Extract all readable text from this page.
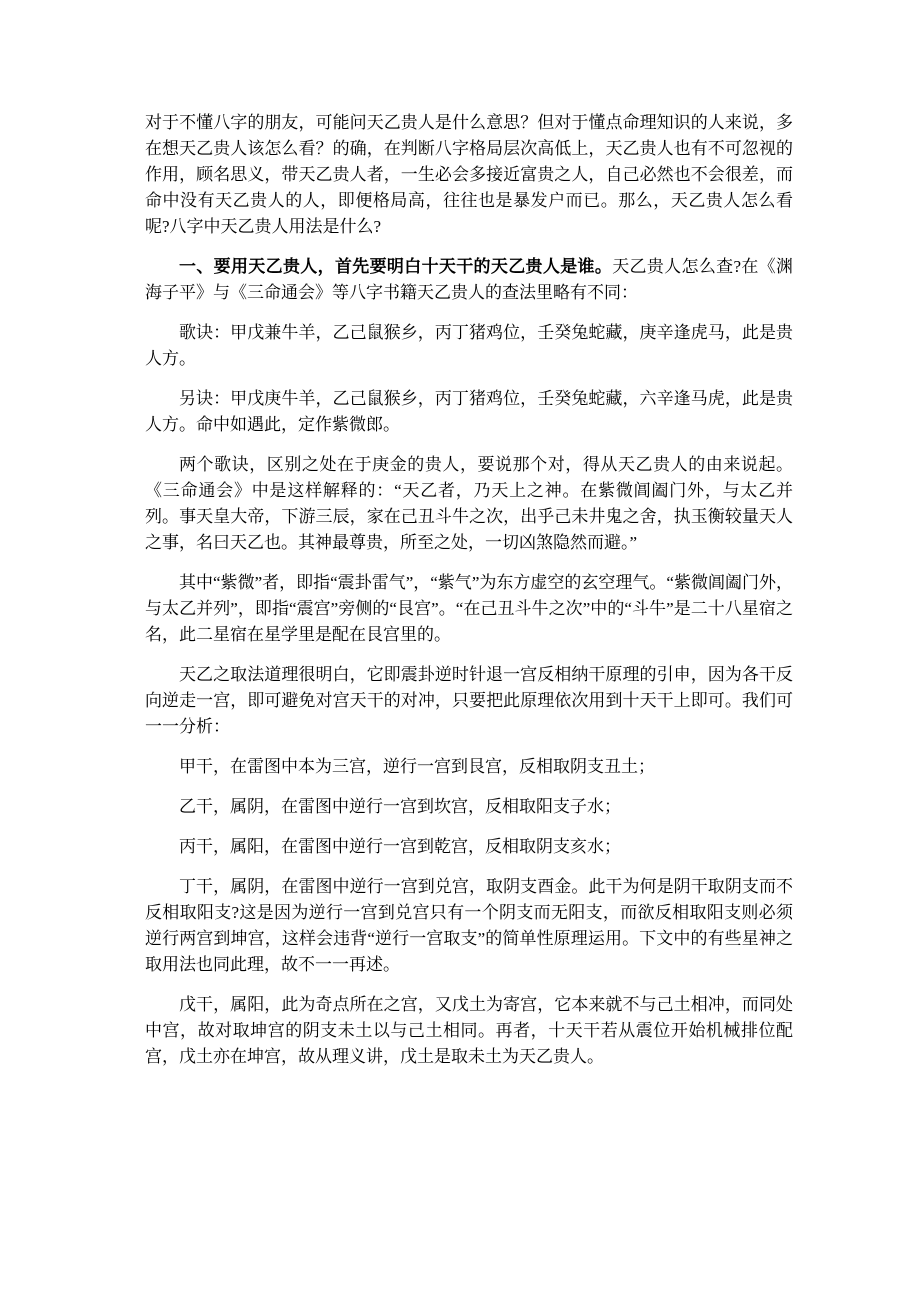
对于不懂八字的朋友，可能问天乙贵人是什么意思？但对于懂点命理知识的人来说，多在想天乙贵人该怎么看？的确，在判断八字格局层次高低上，天乙贵人也有不可忽视的作用，顾名思义，带天乙贵人者，一生必会多接近富贵之人，自己必然也不会很差，而命中没有天乙贵人的人，即便格局高，往往也是暴发户而已。那么，天乙贵人怎么看呢?八字中天乙贵人用法是什么?

一、要用天乙贵人，首先要明白十天干的天乙贵人是谁。天乙贵人怎么查?在《渊海子平》与《三命通会》等八字书籍天乙贵人的查法里略有不同：

歌诀：甲戊兼牛羊，乙己鼠猴乡，丙丁猪鸡位，壬癸兔蛇藏，庚辛逢虎马，此是贵人方。

另诀：甲戊庚牛羊，乙己鼠猴乡，丙丁猪鸡位，壬癸兔蛇藏，六辛逢马虎，此是贵人方。命中如遇此，定作紫微郎。

两个歌诀，区别之处在于庚金的贵人，要说那个对，得从天乙贵人的由来说起。《三命通会》中是这样解释的：“天乙者，乃天上之神。在紫微阊阖门外，与太乙并列。事天皇大帝，下游三辰，家在己丑斗牛之次，出乎己未井鬼之舍，执玉衡较量天人之事，名曰天乙也。其神最尊贵，所至之处，一切凶煞隐然而避。”

其中“紫微”者，即指“震卦雷气”，“紫气”为东方虚空的玄空理气。“紫微阊阖门外，与太乙并列”，即指“震宫”旁侧的“艮宫”。“在己丑斗牛之次”中的“斗牛”是二十八星宿之名，此二星宿在星学里是配在艮宫里的。

天乙之取法道理很明白，它即震卦逆时针退一宫反相纳干原理的引申，因为各干反向逆走一宫，即可避免对宫天干的对冲，只要把此原理依次用到十天干上即可。我们可一一分析：

甲干，在雷图中本为三宫，逆行一宫到艮宫，反相取阴支丑土；

乙干，属阴，在雷图中逆行一宫到坎宫，反相取阳支子水；

丙干，属阳，在雷图中逆行一宫到乾宫，反相取阴支亥水；

丁干，属阴，在雷图中逆行一宫到兑宫，取阴支酉金。此干为何是阴干取阴支而不反相取阳支?这是因为逆行一宫到兑宫只有一个阴支而无阳支，而欲反相取阳支则必须逆行两宫到坤宫，这样会违背“逆行一宫取支”的简单性原理运用。下文中的有些星神之取用法也同此理，故不一一再述。

戊干，属阳，此为奇点所在之宫，又戊土为寄宫，它本来就不与己土相冲，而同处中宫，故对取坤宫的阴支未土以与己土相同。再者，十天干若从震位开始机械排位配宫，戊土亦在坤宫，故从理义讲，戊土是取未土为天乙贵人。
